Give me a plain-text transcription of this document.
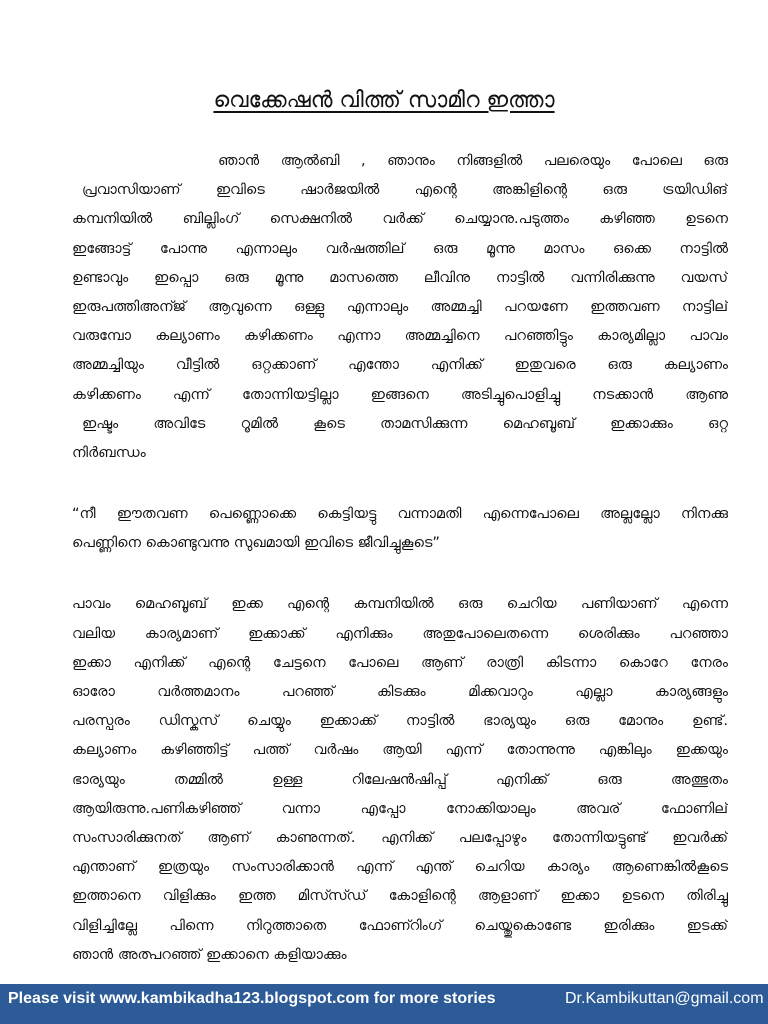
വെക്കേഷൻ വിത്ത് സാമിറ ഇത്താ
ഞാൻ ആൽബി , ഞാനും നിങ്ങളിൽ പലരെയും പോലെ ഒരു
പ്രവാസിയാണ് ഇവിടെ ഷാർജയിൽ എന്റെ അങ്കിളിന്റെ ഒരു ട്രയിഡിങ്
കമ്പനിയിൽ ബില്ലിംഗ് സെക്ഷനിൽ വർക്ക് ചെയ്യാനു.പടുത്തം കഴിഞ്ഞ ഉടനെ
ഇങ്ങോട്ട് പോന്നു എന്നാലും വർഷത്തില് ഒരു മൂന്നു മാസം ഒക്കെ നാട്ടിൽ
ഉണ്ടാവും ഇപ്പൊ ഒരു മൂന്നു മാസത്തെ ലീവിനു നാട്ടിൽ വന്നിരിക്കുന്നു വയസ്
ഇരുപത്തിഅന്ജ് ആവുന്നെ ഒള്ളു എന്നാലും അമ്മച്ചി പറയണേ ഇത്തവണ നാട്ടില്
വരുമ്പോ കല്യാണം കഴിക്കണം എന്നാ അമ്മച്ചിനെ പറഞ്ഞിട്ടും കാര്യമില്ലാ പാവം
അമ്മച്ചിയും വീട്ടിൽ ഒറ്റക്കാണ് എന്തോ എനിക്ക് ഇതുവരെ ഒരു കല്യാണം
കഴിക്കണം എന്ന് തോന്നിയട്ടില്ലാ ഇങ്ങനെ അടിച്ചുപൊളിച്ചു നടക്കാൻ ആണു
ഇഷ്ടം അവിടേ റൂമിൽ കൂടെ താമസിക്കുന്ന മെഹബൂബ് ഇക്കാക്കും ഒറ്റ
നിർബന്ധം
“നീ ഈതവണ പെണ്ണൊക്കെ കെട്ടിയട്ടു വന്നാമതി എന്നെപോലെ അല്ലല്ലോ നിനക്കു
പെണ്ണിനെ കൊണ്ടുവന്നു സുഖമായി ഇവിടെ ജീവിച്ചുകൂടെ”
പാവം മെഹബൂബ് ഇക്ക എന്റെ കമ്പനിയിൽ ഒരു ചെറിയ പണിയാണ് എന്നെ
വലിയ കാര്യമാണ് ഇക്കാക്ക് എനിക്കും അതുപോലെതന്നെ ശെരിക്കും പറഞ്ഞാ
ഇക്കാ എനിക്ക് എന്റെ ചേട്ടനെ പോലെ ആണ് രാത്രി കിടന്നാ കൊറേ നേരം
ഓരോ വർത്തമാനം പറഞ്ഞ് കിടക്കും മിക്കവാറും എല്ലാ കാര്യങ്ങളും
പരസ്പരം ഡിസ്കസ് ചെയ്യും ഇക്കാക്ക് നാട്ടിൽ ഭാര്യയും ഒരു മോനും ഉണ്ട്.
കല്യാണം കഴിഞ്ഞിട്ട് പത്ത് വർഷം ആയി എന്ന് തോന്നുന്നു എങ്കിലും ഇക്കയും
ഭാര്യയും തമ്മിൽ ഉള്ള റിലേഷൻഷിപ്പ് എനിക്ക് ഒരു അത്ഭുതം
ആയിരുന്നു.പണികഴിഞ്ഞ് വന്നാ എപ്പോ നോക്കിയാലും അവര് ഫോണില്
സംസാരിക്കുനത് ആണ് കാണുന്നത്. എനിക്ക് പലപ്പോഴും തോന്നിയട്ടുണ്ട് ഇവർക്ക്
എന്താണ് ഇത്രയും സംസാരിക്കാൻ എന്ന് എന്ത് ചെറിയ കാര്യം ആണെങ്കിൽകൂടെ
ഇത്താനെ വിളിക്കും ഇത്ത മിസ്സ്ഡ് കോളിന്റെ ആളാണ് ഇക്കാ ഉടനെ തിരിച്ചു
വിളിച്ചില്ലേ പിന്നെ നിറുത്താതെ ഫോണ്റിംഗ് ചെയ്തുകൊണ്ടേ ഇരിക്കും ഇടക്ക്
ഞാൻ അത്പറഞ്ഞ് ഇക്കാനെ കളിയാക്കും
Please visit www.kambikadha123.blogspot.com for more stories	Dr.Kambikuttan@gmail.com
